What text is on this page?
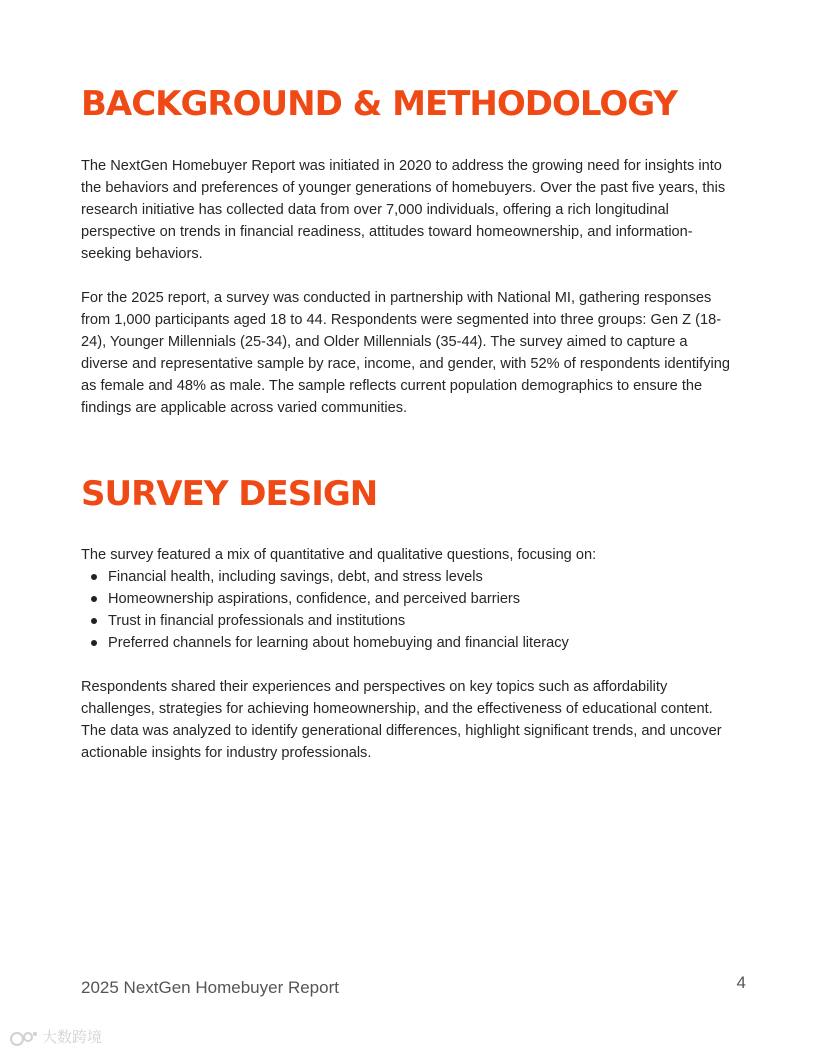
BACKGROUND & METHODOLOGY

The NextGen Homebuyer Report was initiated in 2020 to address the growing need for insights into the behaviors and preferences of younger generations of homebuyers. Over the past five years, this research initiative has collected data from over 7,000 individuals, offering a rich longitudinal perspective on trends in financial readiness, attitudes toward homeownership, and information-seeking behaviors.

For the 2025 report, a survey was conducted in partnership with National MI, gathering responses from 1,000 participants aged 18 to 44. Respondents were segmented into three groups: Gen Z (18-24), Younger Millennials (25-34), and Older Millennials (35-44). The survey aimed to capture a diverse and representative sample by race, income, and gender, with 52% of respondents identifying as female and 48% as male. The sample reflects current population demographics to ensure the findings are applicable across varied communities.

SURVEY DESIGN

The survey featured a mix of quantitative and qualitative questions, focusing on:

Financial health, including savings, debt, and stress levels
Homeownership aspirations, confidence, and perceived barriers
Trust in financial professionals and institutions
Preferred channels for learning about homebuying and financial literacy

Respondents shared their experiences and perspectives on key topics such as affordability challenges, strategies for achieving homeownership, and the effectiveness of educational content. The data was analyzed to identify generational differences, highlight significant trends, and uncover actionable insights for industry professionals.

2025 NextGen Homebuyer Report	4
大数跨境
